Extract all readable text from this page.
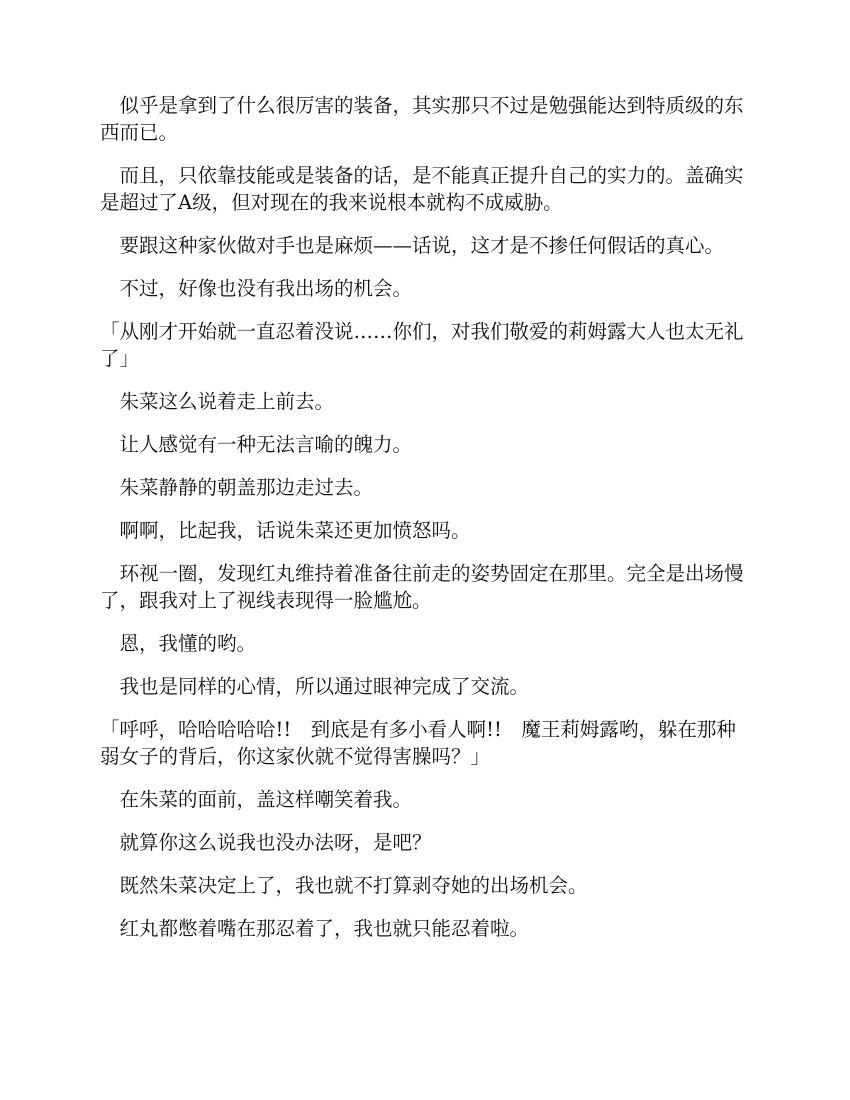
　似乎是拿到了什么很厉害的装备，其实那只不过是勉强能达到特质级的东西而已。

　而且，只依靠技能或是装备的话，是不能真正提升自己的实力的。盖确实是超过了A级，但对现在的我来说根本就构不成威胁。

　要跟这种家伙做对手也是麻烦——话说，这才是不掺任何假话的真心。

　不过，好像也没有我出场的机会。

「从刚才开始就一直忍着没说……你们，对我们敬爱的莉姆露大人也太无礼了」

　朱菜这么说着走上前去。

　让人感觉有一种无法言喻的魄力。

　朱菜静静的朝盖那边走过去。

　啊啊，比起我，话说朱菜还更加愤怒吗。

　环视一圈，发现红丸维持着准备往前走的姿势固定在那里。完全是出场慢了，跟我对上了视线表现得一脸尴尬。

　恩，我懂的哟。

　我也是同样的心情，所以通过眼神完成了交流。

「呼呼，哈哈哈哈哈!!　到底是有多小看人啊!!　魔王莉姆露哟，躲在那种弱女子的背后，你这家伙就不觉得害臊吗？」

　在朱菜的面前，盖这样嘲笑着我。

　就算你这么说我也没办法呀，是吧？

　既然朱菜决定上了，我也就不打算剥夺她的出场机会。

　红丸都憋着嘴在那忍着了，我也就只能忍着啦。
